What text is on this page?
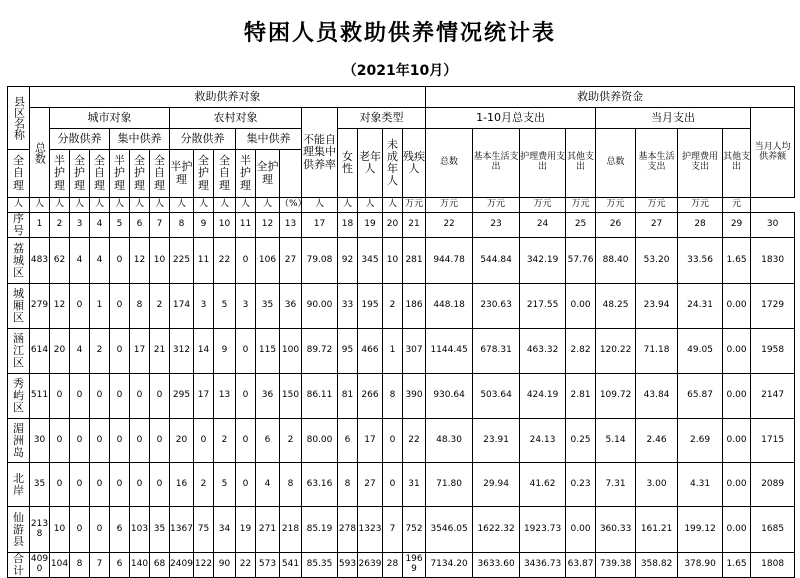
特困人员救助供养情况统计表
（2021年10月）
县区名称	救助供养对象																		救助供养资金								
	总数	城市对象						农村对象						不能自理集中供养率	对象类型				1-10月总支出				当月支出				当月人均供养额
		分散供养			集中供养			分散供养			集中供养				女性	老年人	未成年人	残疾人	总数	基本生活支出	护理费用支出	其他支出	总数	基本生活支出	护理费用支出	其他支出	
全自理		半护理	全护理	全自理	半护理	全护理	全自理	半护理	全护理	全自理	半护理	全护理															
人	人	人	人	人	人	人	人	人	人	人	人	人	（%）	人	人	人	人	万元	万元	万元	万元	万元	万元	万元	万元	元	
序号	1	2	3	4	5	6	7	8	9	10	11	12	13	17	18	19	20	21	22	23	24	25	26	27	28	29	30
荔城区	483	62	4	4	0	12	10	225	11	22	0	106	27	79.08	92	345	10	281	944.78	544.84	342.19	57.76	88.40	53.20	33.56	1.65	1830
城厢区	279	12	0	1	0	8	2	174	3	5	3	35	36	90.00	33	195	2	186	448.18	230.63	217.55	0.00	48.25	23.94	24.31	0.00	1729
涵江区	614	20	4	2	0	17	21	312	14	9	0	115	100	89.72	95	466	1	307	1144.45	678.31	463.32	2.82	120.22	71.18	49.05	0.00	1958
秀屿区	511	0	0	0	0	0	0	295	17	13	0	36	150	86.11	81	266	8	390	930.64	503.64	424.19	2.81	109.72	43.84	65.87	0.00	2147
湄洲岛	30	0	0	0	0	0	0	20	0	2	0	6	2	80.00	6	17	0	22	48.30	23.91	24.13	0.25	5.14	2.46	2.69	0.00	1715
北岸	35	0	0	0	0	0	0	16	2	5	0	4	8	63.16	8	27	0	31	71.80	29.94	41.62	0.23	7.31	3.00	4.31	0.00	2089
仙游县	2138	10	0	0	6	103	35	1367	75	34	19	271	218	85.19	278	1323	7	752	3546.05	1622.32	1923.73	0.00	360.33	161.21	199.12	0.00	1685
合计	4090	104	8	7	6	140	68	2409	122	90	22	573	541	85.35	593	2639	28	1969	7134.20	3633.60	3436.73	63.87	739.38	358.82	378.90	1.65	1808
